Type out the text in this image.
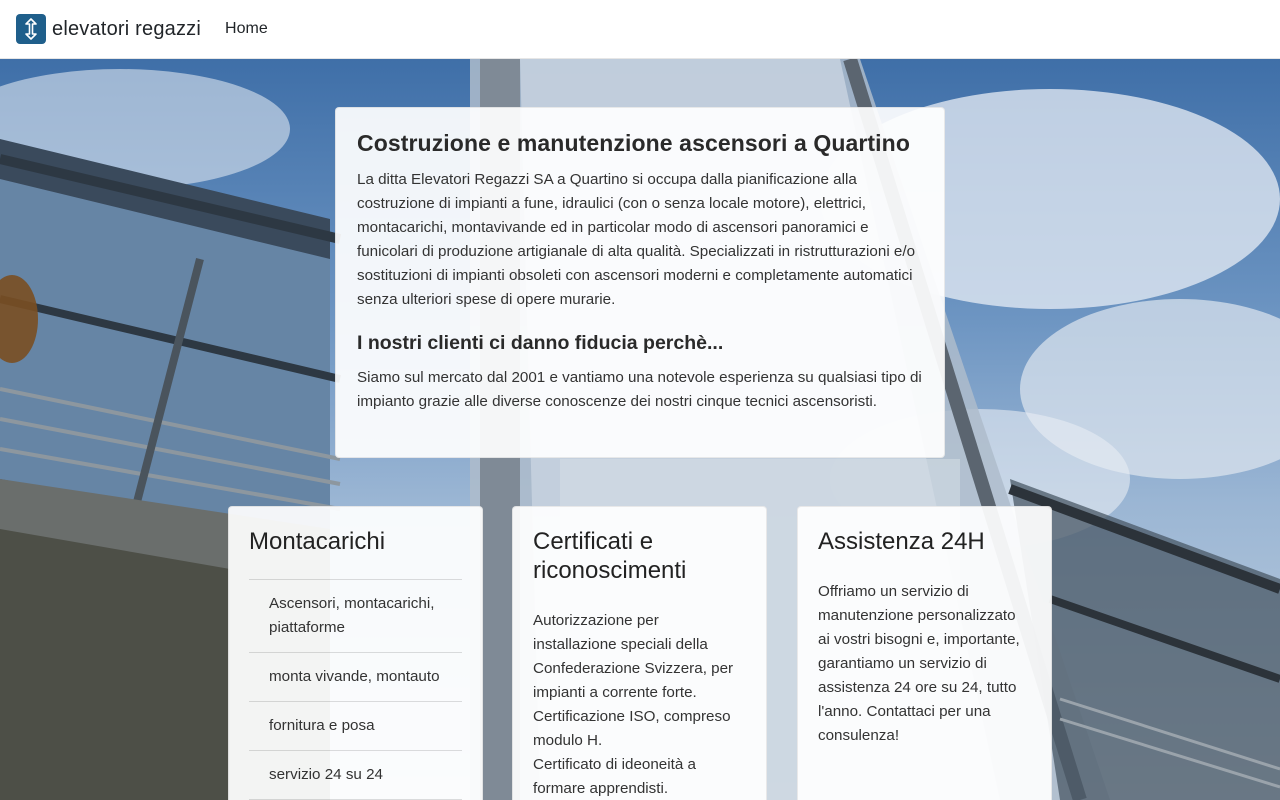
elevatori regazzi Home
Costruzione e manutenzione ascensori a Quartino

La ditta Elevatori Regazzi SA a Quartino si occupa dalla pianificazione alla costruzione di impianti a fune, idraulici (con o senza locale motore), elettrici, montacarichi, montavivande ed in particolar modo di ascensori panoramici e funicolari di produzione artigianale di alta qualità. Specializzati in ristrutturazioni e/o sostituzioni di impianti obsoleti con ascensori moderni e completamente automatici senza ulteriori spese di opere murarie.

I nostri clienti ci danno fiducia perchè...

Siamo sul mercato dal 2001 e vantiamo una notevole esperienza su qualsiasi tipo di impianto grazie alle diverse conoscenze dei nostri cinque tecnici ascensoristi.

Montacarichi
Ascensori, montacarichi, piattaforme
monta vivande, montauto
fornitura e posa
servizio 24 su 24
Certificati e riconoscimenti

Autorizzazione per installazione speciali della Confederazione Svizzera, per impianti a corrente forte.
Certificazione ISO, compreso modulo H.
Certificato di ideoneità a formare apprendisti.

Assistenza 24H

Offriamo un servizio di manutenzione personalizzato ai vostri bisogni e, importante, garantiamo un servizio di assistenza 24 ore su 24, tutto l'anno. Contattaci per una consulenza!
